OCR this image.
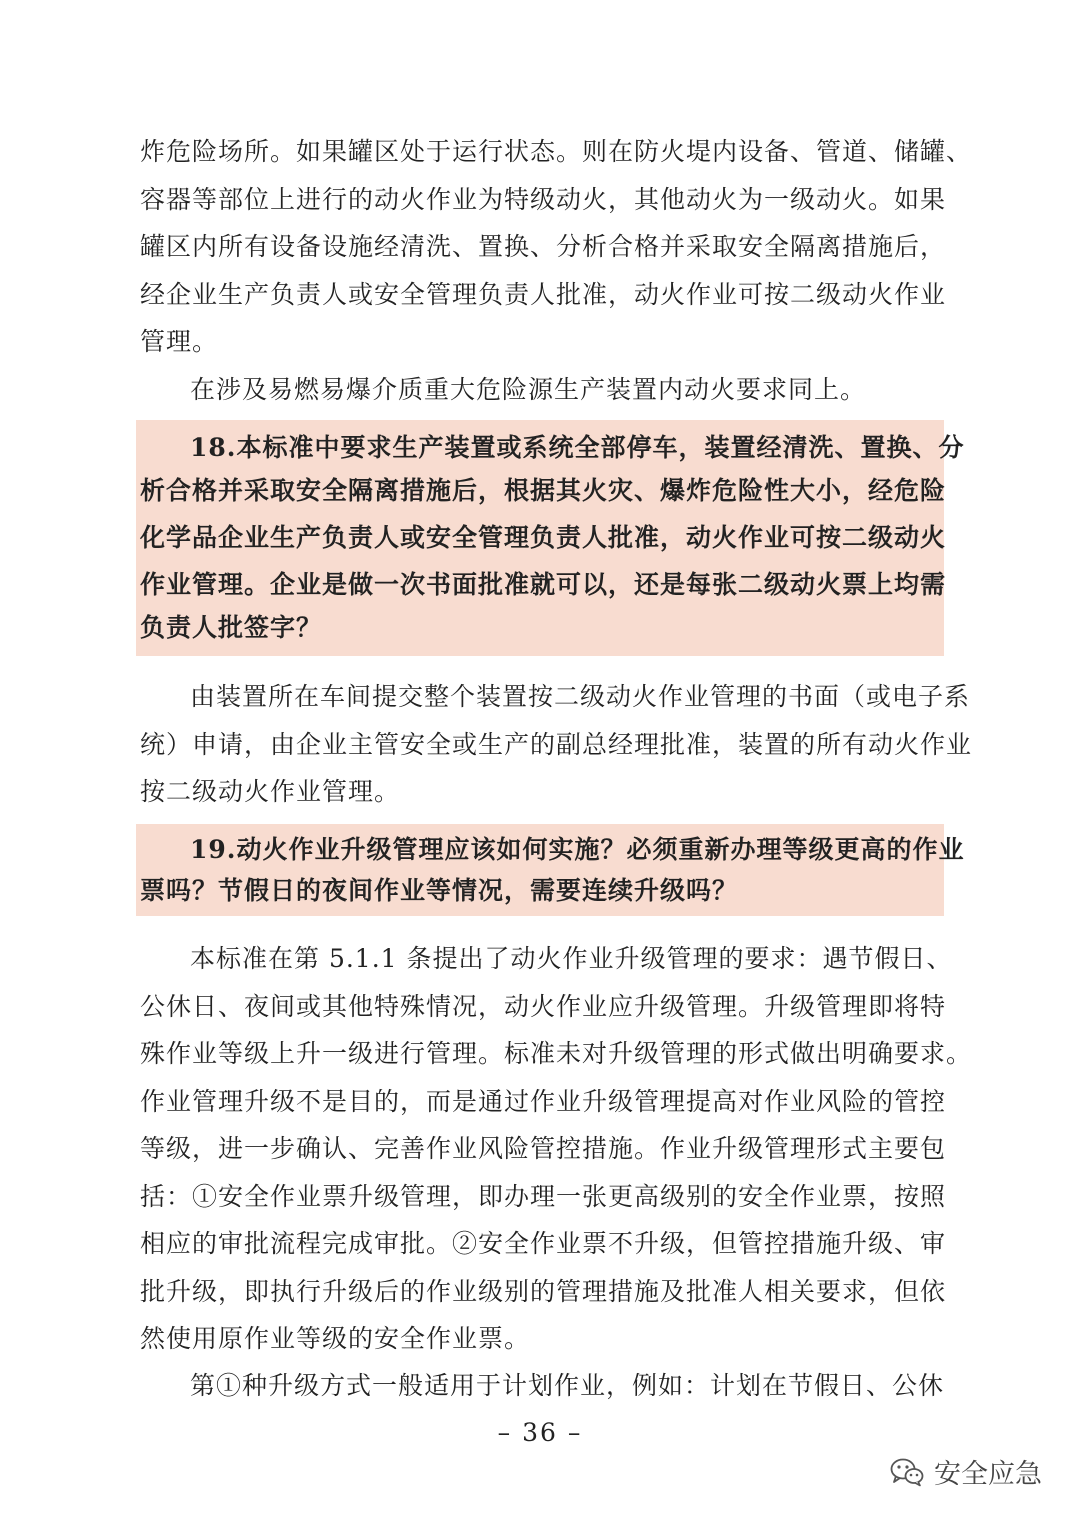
炸危险场所。如果罐区处于运行状态。则在防火堤内设备、管道、储罐、
容器等部位上进行的动火作业为特级动火，其他动火为一级动火。如果
罐区内所有设备设施经清洗、置换、分析合格并采取安全隔离措施后，
经企业生产负责人或安全管理负责人批准，动火作业可按二级动火作业
管理。
在涉及易燃易爆介质重大危险源生产装置内动火要求同上。
18.本标准中要求生产装置或系统全部停车，装置经清洗、置换、分
析合格并采取安全隔离措施后，根据其火灾、爆炸危险性大小，经危险
化学品企业生产负责人或安全管理负责人批准，动火作业可按二级动火
作业管理。企业是做一次书面批准就可以，还是每张二级动火票上均需
负责人批签字？
由装置所在车间提交整个装置按二级动火作业管理的书面（或电子系
统）申请，由企业主管安全或生产的副总经理批准，装置的所有动火作业
按二级动火作业管理。
19.动火作业升级管理应该如何实施？必须重新办理等级更高的作业
票吗？节假日的夜间作业等情况，需要连续升级吗？
本标准在第 5.1.1 条提出了动火作业升级管理的要求：遇节假日、
公休日、夜间或其他特殊情况，动火作业应升级管理。升级管理即将特
殊作业等级上升一级进行管理。标准未对升级管理的形式做出明确要求。
作业管理升级不是目的，而是通过作业升级管理提高对作业风险的管控
等级，进一步确认、完善作业风险管控措施。作业升级管理形式主要包
括：①安全作业票升级管理，即办理一张更高级别的安全作业票，按照
相应的审批流程完成审批。②安全作业票不升级，但管控措施升级、审
批升级，即执行升级后的作业级别的管理措施及批准人相关要求，但依
然使用原作业等级的安全作业票。
第①种升级方式一般适用于计划作业，例如：计划在节假日、公休
– 36 –
安全应急
